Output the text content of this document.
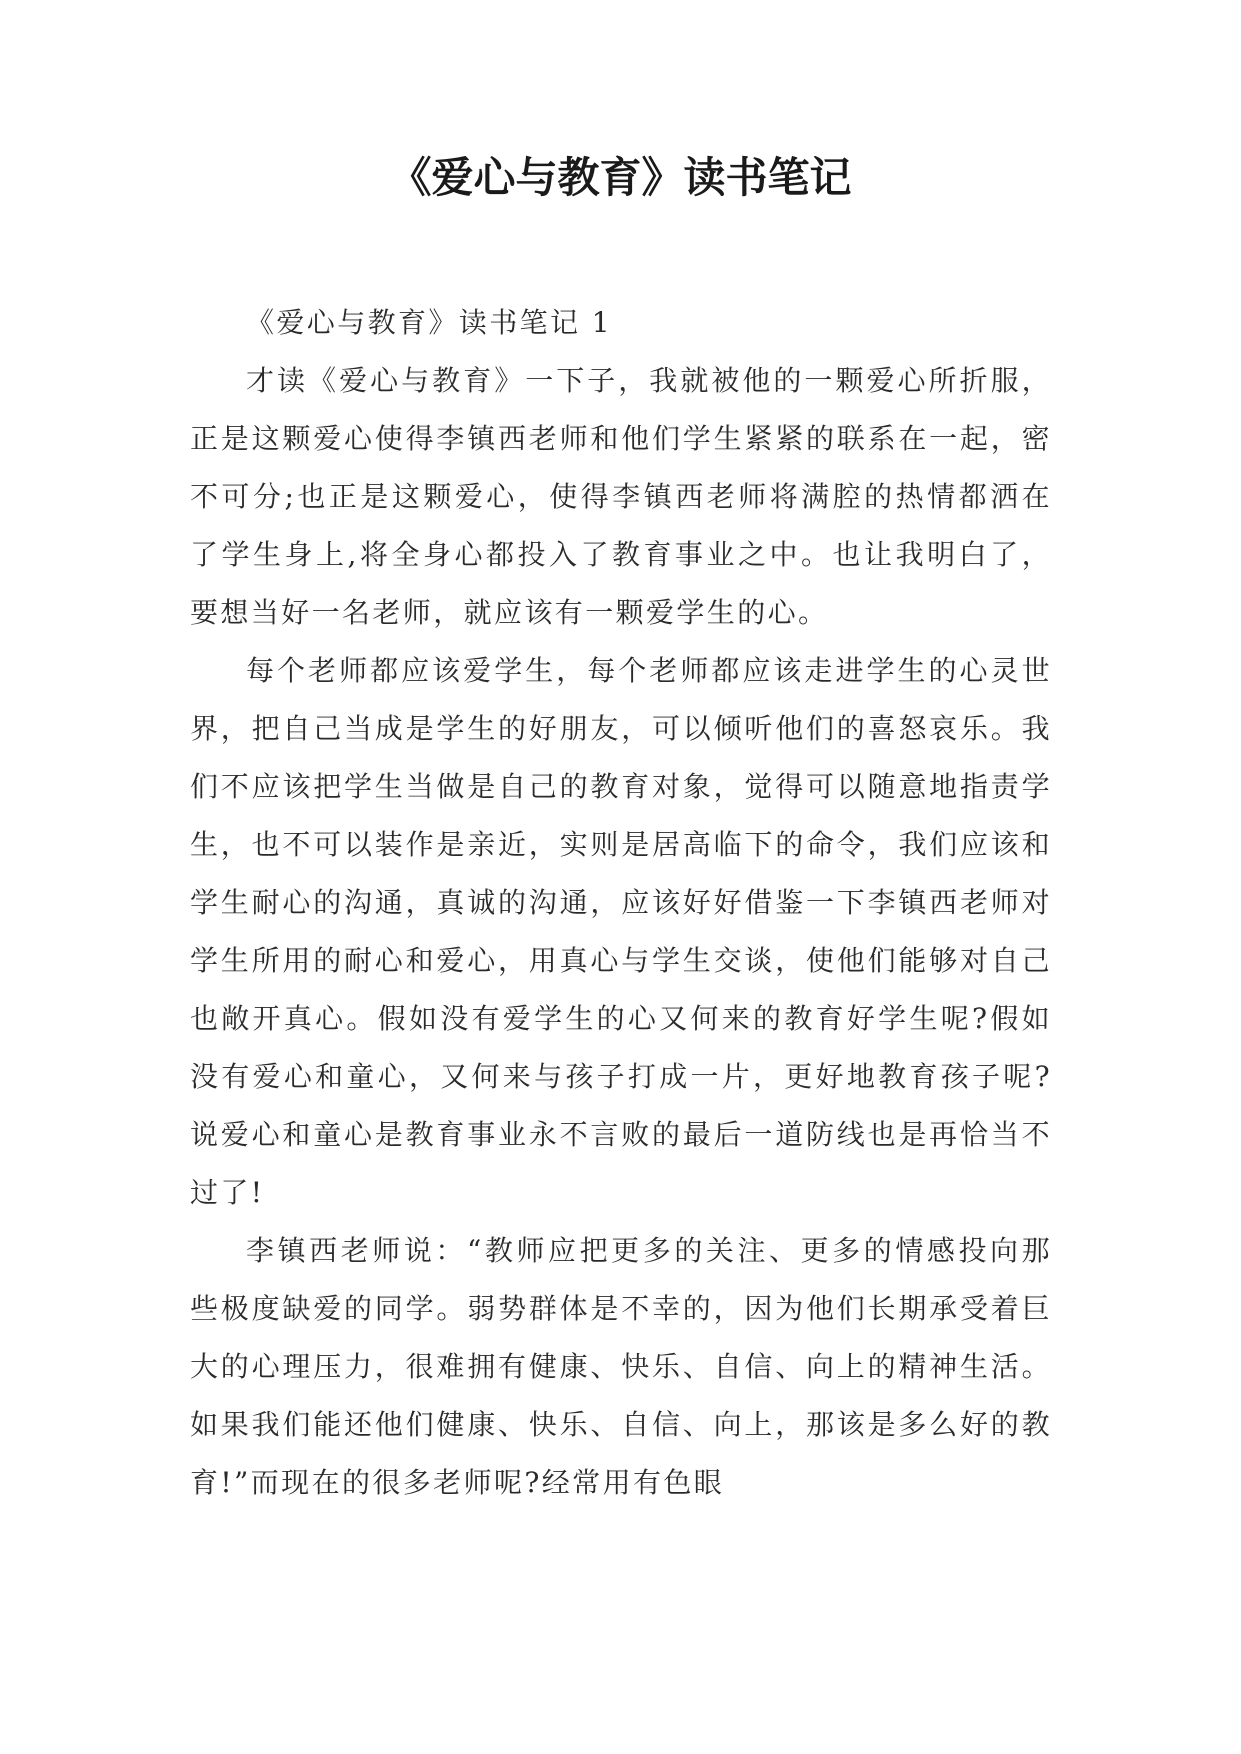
《爱心与教育》读书笔记

《爱心与教育》读书笔记 1

才读《爱心与教育》一下子，我就被他的一颗爱心所折服，正是这颗爱心使得李镇西老师和他们学生紧紧的联系在一起，密不可分;也正是这颗爱心，使得李镇西老师将满腔的热情都洒在了学生身上,将全身心都投入了教育事业之中。也让我明白了，要想当好一名老师，就应该有一颗爱学生的心。

每个老师都应该爱学生，每个老师都应该走进学生的心灵世界，把自己当成是学生的好朋友，可以倾听他们的喜怒哀乐。我们不应该把学生当做是自己的教育对象，觉得可以随意地指责学生，也不可以装作是亲近，实则是居高临下的命令，我们应该和学生耐心的沟通，真诚的沟通，应该好好借鉴一下李镇西老师对学生所用的耐心和爱心，用真心与学生交谈，使他们能够对自己也敞开真心。假如没有爱学生的心又何来的教育好学生呢?假如没有爱心和童心，又何来与孩子打成一片，更好地教育孩子呢?说爱心和童心是教育事业永不言败的最后一道防线也是再恰当不过了!

李镇西老师说：“教师应把更多的关注、更多的情感投向那些极度缺爱的同学。弱势群体是不幸的，因为他们长期承受着巨大的心理压力，很难拥有健康、快乐、自信、向上的精神生活。如果我们能还他们健康、快乐、自信、向上，那该是多么好的教育!”而现在的很多老师呢?经常用有色眼
